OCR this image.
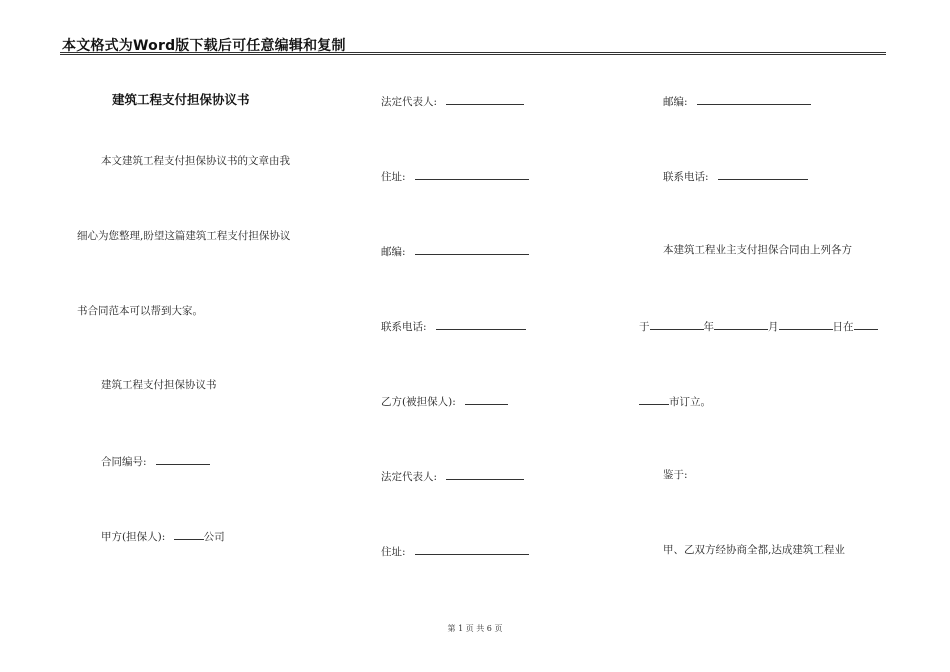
本文格式为Word版下载后可任意编辑和复制
建筑工程支付担保协议书
本文建筑工程支付担保协议书的文章由我
细心为您整理,盼望这篇建筑工程支付担保协议
书合同范本可以帮到大家。
建筑工程支付担保协议书
合同编号:
甲方(担保人):	公司
法定代表人:
住址:
邮编:
联系电话:
乙方(被担保人):
法定代表人:
住址:
邮编:
联系电话:
本建筑工程业主支付担保合同由上列各方
于	年	月	日在
市订立。
鉴于:
甲、乙双方经协商全都,达成建筑工程业
第 1 页 共 6 页
